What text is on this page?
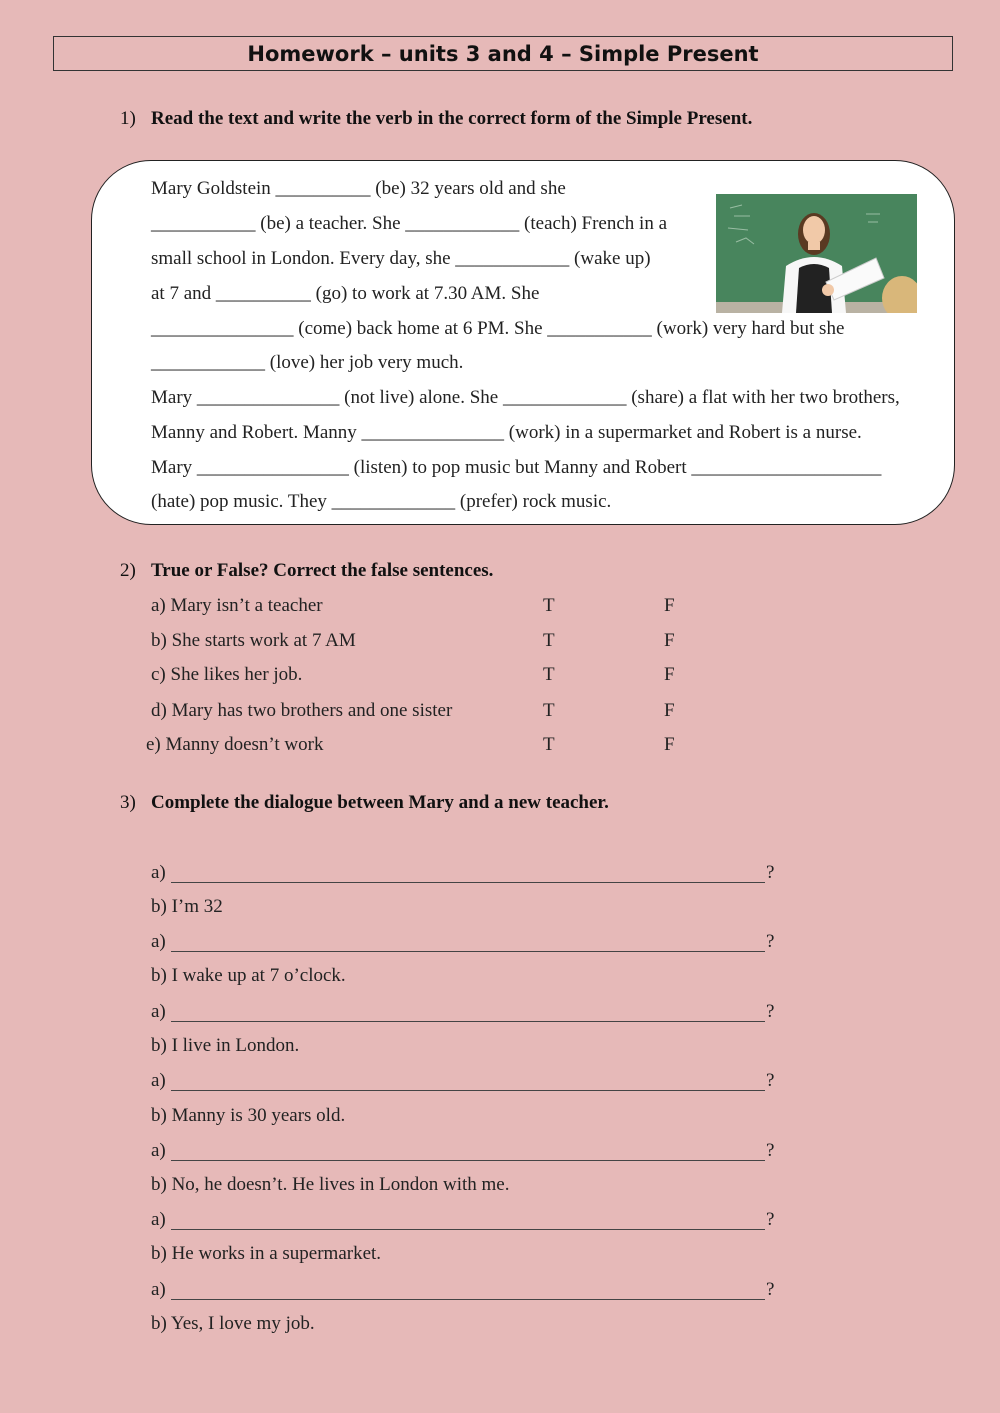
Homework – units 3 and 4 – Simple Present
1) Read the text and write the verb in the correct form of the Simple Present.
Mary Goldstein __________ (be) 32 years old and she
___________ (be) a teacher. She ____________ (teach) French in a
small school in London. Every day, she ____________ (wake up)
at 7 and __________ (go) to work at 7.30 AM. She
_______________ (come) back home at 6 PM. She ___________ (work) very hard but she
____________ (love) her job very much.
Mary _______________ (not live) alone. She _____________ (share) a flat with her two brothers,
Manny and Robert. Manny _______________ (work) in a supermarket and Robert is a nurse.
Mary ________________ (listen) to pop music but Manny and Robert ____________________
(hate) pop music. They _____________ (prefer) rock music.
2) True or False? Correct the false sentences.
a) Mary isn’t a teacher	T	F
b) She starts work at 7 AM	T	F
c) She likes her job.	T	F
d) Mary has two brothers and one sister	T	F
e) Manny doesn’t work	T	F
3) Complete the dialogue between Mary and a new teacher.
a)	?
b) I’m 32
a)	?
b) I wake up at 7 o’clock.
a)	?
b) I live in London.
a)	?
b) Manny is 30 years old.
a)	?
b) No, he doesn’t. He lives in London with me.
a)	?
b) He works in a supermarket.
a)	?
b) Yes, I love my job.
